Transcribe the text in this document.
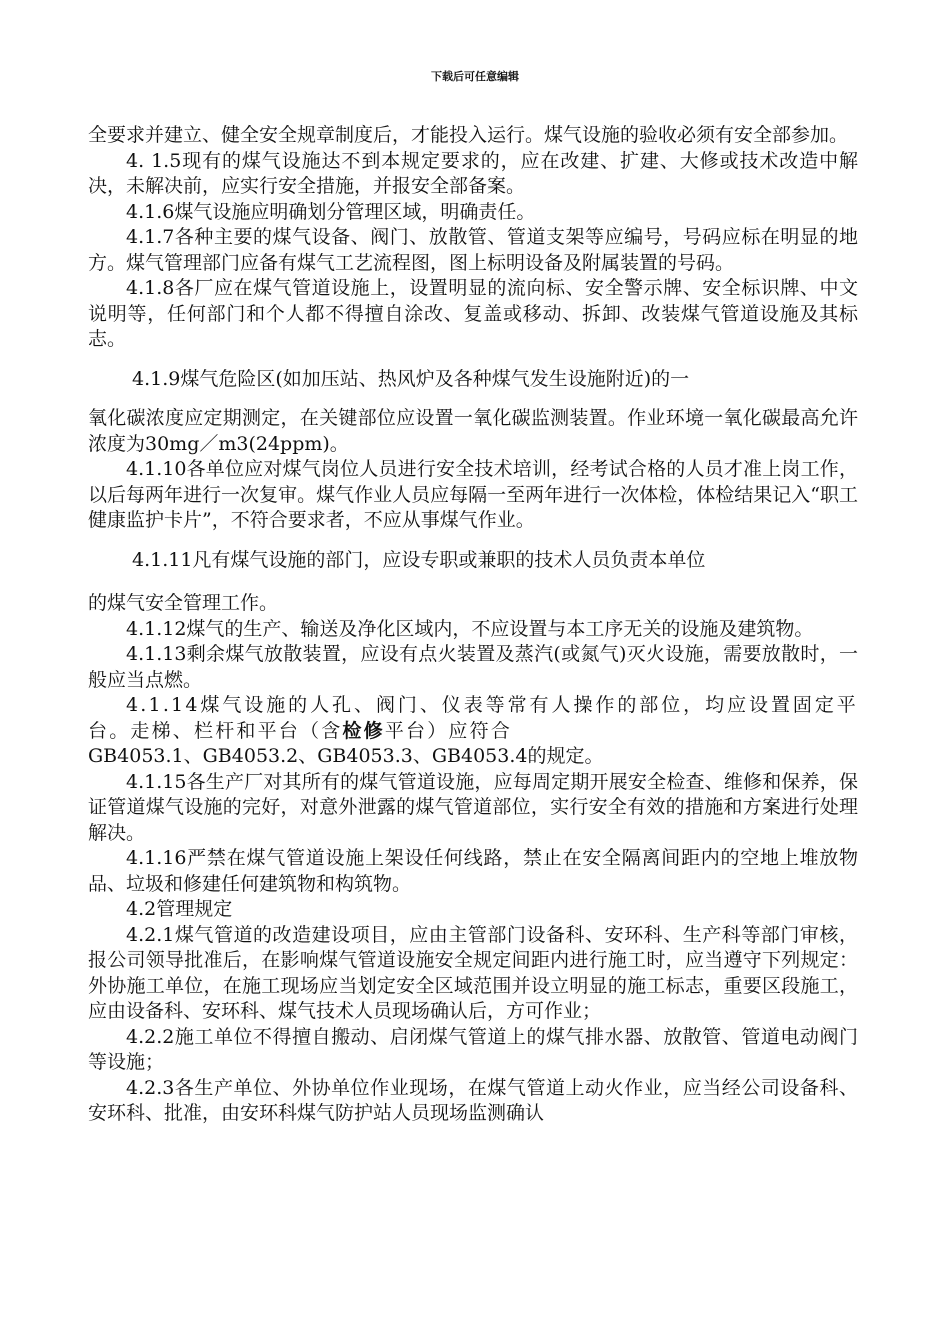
下载后可任意编辑

全要求并建立、健全安全规章制度后，才能投入运行。煤气设施的验收必须有安全部参加。

4. 1.5现有的煤气设施达不到本规定要求的，应在改建、扩建、大修或技术改造中解决，未解决前，应实行安全措施，并报安全部备案。

4.1.6煤气设施应明确划分管理区域，明确责任。

4.1.7各种主要的煤气设备、阀门、放散管、管道支架等应编号，号码应标在明显的地方。煤气管理部门应备有煤气工艺流程图，图上标明设备及附属装置的号码。

4.1.8各厂应在煤气管道设施上，设置明显的流向标、安全警示牌、安全标识牌、中文说明等，任何部门和个人都不得擅自涂改、复盖或移动、拆卸、改装煤气管道设施及其标志。

4.1.9煤气危险区(如加压站、热风炉及各种煤气发生设施附近)的一

氧化碳浓度应定期测定，在关键部位应设置一氧化碳监测装置。作业环境一氧化碳最高允许浓度为30mg／m3(24ppm)。

4.1.10各单位应对煤气岗位人员进行安全技术培训，经考试合格的人员才准上岗工作，以后每两年进行一次复审。煤气作业人员应每隔一至两年进行一次体检，体检结果记入“职工健康监护卡片”，不符合要求者，不应从事煤气作业。

4.1.11凡有煤气设施的部门，应设专职或兼职的技术人员负责本单位

的煤气安全管理工作。

4.1.12煤气的生产、输送及净化区域内，不应设置与本工序无关的设施及建筑物。

4.1.13剩余煤气放散装置，应设有点火装置及蒸汽(或氮气)灭火设施，需要放散时，一般应当点燃。

4.1.14煤气设施的人孔、阀门、仪表等常有人操作的部位，均应设置固定平台。走梯、栏杆和平台（含检修平台）应符合

GB4053.1、GB4053.2、GB4053.3、GB4053.4的规定。

4.1.15各生产厂对其所有的煤气管道设施，应每周定期开展安全检查、维修和保养，保证管道煤气设施的完好，对意外泄露的煤气管道部位，实行安全有效的措施和方案进行处理解决。

4.1.16严禁在煤气管道设施上架设任何线路，禁止在安全隔离间距内的空地上堆放物品、垃圾和修建任何建筑物和构筑物。

4.2管理规定

4.2.1煤气管道的改造建设项目，应由主管部门设备科、安环科、生产科等部门审核，报公司领导批准后，在影响煤气管道设施安全规定间距内进行施工时，应当遵守下列规定：外协施工单位，在施工现场应当划定安全区域范围并设立明显的施工标志，重要区段施工，应由设备科、安环科、煤气技术人员现场确认后，方可作业；

4.2.2施工单位不得擅自搬动、启闭煤气管道上的煤气排水器、放散管、管道电动阀门等设施；

4.2.3各生产单位、外协单位作业现场，在煤气管道上动火作业，应当经公司设备科、安环科、批准，由安环科煤气防护站人员现场监测确认
